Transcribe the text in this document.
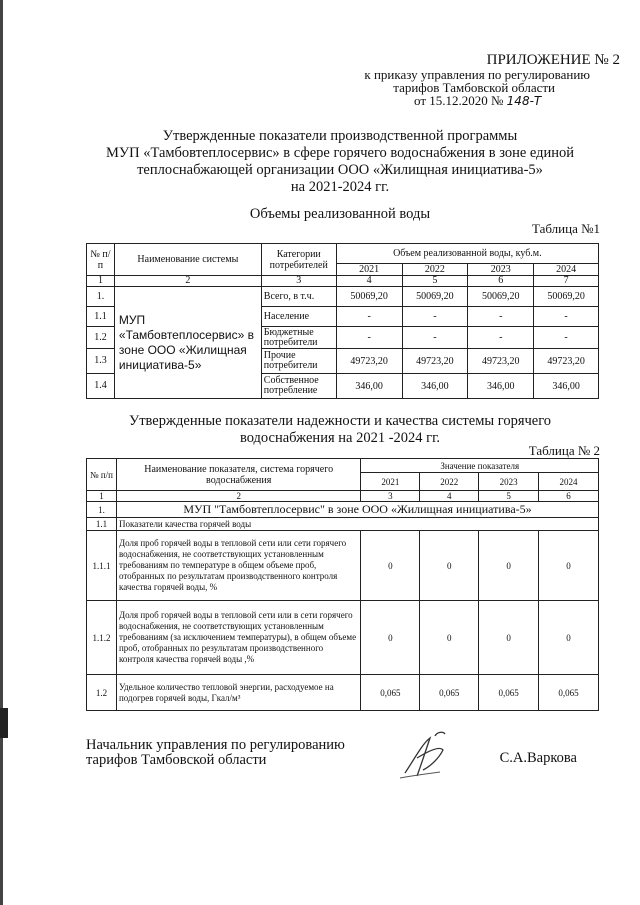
ПРИЛОЖЕНИЕ № 2
к приказу управления по регулированию
тарифов Тамбовской области
от 15.12.2020 № 148-Т
Утвержденные показатели производственной программы
МУП «Тамбовтеплосервис» в сфере горячего водоснабжения в зоне единой
теплоснабжающей организации ООО «Жилищная инициатива-5»
на 2021-2024 гг.
Объемы реализованной воды
Таблица №1
№ п/п	Наименование системы	Категории потребителей	Объем реализованной воды, куб.м.			
			2021	2022	2023	2024
1	2	3	4	5	6	7
1.	МУП «Тамбовтеплосервис» в зоне ООО «Жилищная инициатива-5»	Всего, в т.ч.	50069,20	50069,20	50069,20	50069,20
1.1		Население	-	-	-	-
1.2		Бюджетные потребители	-	-	-	-
1.3		Прочие потребители	49723,20	49723,20	49723,20	49723,20
1.4		Собственное потребление	346,00	346,00	346,00	346,00
Утвержденные показатели надежности и качества системы горячего
водоснабжения на 2021 -2024 гг.
Таблица № 2
№ п/п	Наименование показателя, система горячего водоснабжения	Значение показателя			
		2021	2022	2023	2024
1	2	3	4	5	6
1.	МУП "Тамбовтеплосервис" в зоне ООО «Жилищная инициатива-5»				
1.1	Показатели качества горячей воды				
1.1.1	Доля проб горячей воды в тепловой сети или сети горячего водоснабжения, не соответствующих установленным требованиям по температуре в общем объеме проб, отобранных по результатам производственного контроля качества горячей воды, %	0	0	0	0
1.1.2	Доля проб горячей воды в тепловой сети или в сети горячего водоснабжения, не соответствующих установленным требованиям (за исключением температуры), в общем объеме проб, отобранных по результатам производственного контроля качества горячей воды ,%	0	0	0	0
1.2	Удельное количество тепловой энергии, расходуемое на подогрев горячей воды, Гкал/м³	0,065	0,065	0,065	0,065
Начальник управления по регулированию
тарифов Тамбовской области	С.А.Варкова
